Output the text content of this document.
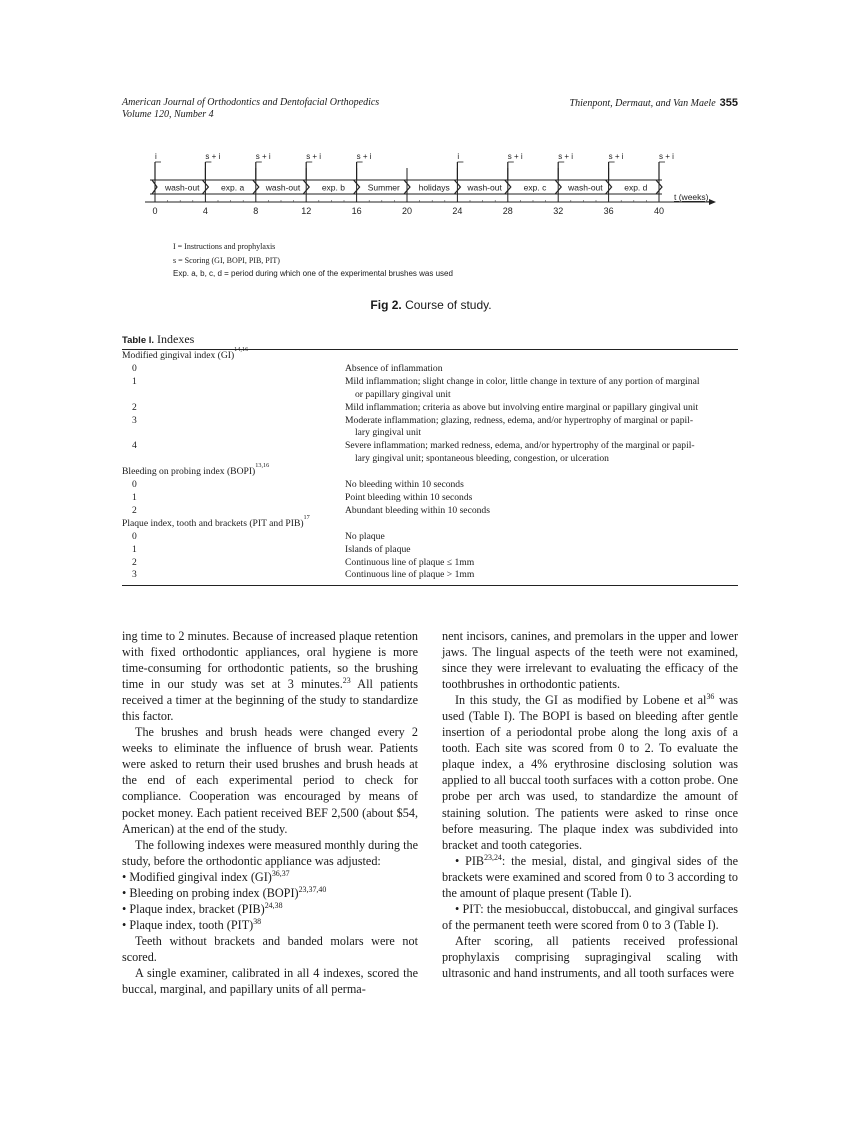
American Journal of Orthodontics and Dentofacial Orthopedics
Volume 120, Number 4
Thienpont, Dermaut, and Van Maele 355
0	4	8	12	16	20	24	28	32	36	40
wash-out	exp. a	wash-out	exp. b	Summer holidays wash-out	exp. c	wash-out	exp. d
i	s + i	s + i	s + i	s + i	i	s + i	s + i	s + i	s + i
t (weeks)
I = Instructions and prophylaxis
s = Scoring (GI, BOPI, PIB, PIT)
Exp. a, b, c, d = period during which one of the experimental brushes was used
Fig 2. Course of study.
Table I. Indexes
Modified gingival index (GI)
14,16
0	Absence of inflammation
1	Mild inflammation; slight change in color, little change in texture of any portion of marginal
or papillary gingival unit
2	Mild inflammation; criteria as above but involving entire marginal or papillary gingival unit
3	Moderate inflammation; glazing, redness, edema, and/or hypertrophy of marginal or papil-
lary gingival unit
4	Severe inflammation; marked redness, edema, and/or hypertrophy of the marginal or papil-
lary gingival unit; spontaneous bleeding, congestion, or ulceration
Bleeding on probing index (BOPI)
13,16
0	No bleeding within 10 seconds
1	Point bleeding within 10 seconds
2	Abundant bleeding within 10 seconds
Plaque index, tooth and brackets (PIT and PIB)
17
0	No plaque
1	Islands of plaque
2	Continuous line of plaque ≤ 1mm
3	Continuous line of plaque > 1mm

ing time to 2 minutes. Because of increased plaque retention with fixed orthodontic appliances, oral hygiene is more time-consuming for orthodontic patients, so the brushing time in our study was set at 3 minutes.$^{23}$ All patients received a timer at the beginning of the study to standardize this factor.

The brushes and brush heads were changed every 2 weeks to eliminate the influence of brush wear. Patients were asked to return their used brushes and brush heads at the end of each experimental period to check for compliance. Cooperation was encouraged by means of pocket money. Each patient received BEF 2,500 (about $54, American) at the end of the study.

The following indexes were measured monthly during the study, before the orthodontic appliance was adjusted:

• Modified gingival index (GI)$^{36,37}$

• Bleeding on probing index (BOPI)$^{23,37,40}$

• Plaque index, bracket (PIB)$^{24,38}$

• Plaque index, tooth (PIT)$^{38}$

Teeth without brackets and banded molars were not scored.

A single examiner, calibrated in all 4 indexes, scored the buccal, marginal, and papillary units of all perma-

nent incisors, canines, and premolars in the upper and lower jaws. The lingual aspects of the teeth were not examined, since they were irrelevant to evaluating the efficacy of the toothbrushes in orthodontic patients.

In this study, the GI as modified by Lobene et $al^{36}$ was used (Table I). The BOPI is based on bleeding after gentle insertion of a periodontal probe along the long axis of a tooth. Each site was scored from 0 to 2. To evaluate the plaque index, a 4% erythrosine disclosing solution was applied to all buccal tooth surfaces with a cotton probe. One probe per arch was used, to standardize the amount of staining solution. The patients were asked to rinse once before measuring. The plaque index was subdivided into bracket and tooth categories.

• PIB$^{23,24}$: the mesial, distal, and gingival sides of the brackets were examined and scored from 0 to 3 according to the amount of plaque present (Table I).

• PIT: the mesiobuccal, distobuccal, and gingival surfaces of the permanent teeth were scored from 0 to 3 (Table I).

After scoring, all patients received professional prophylaxis comprising supragingival scaling with ultrasonic and hand instruments, and all tooth surfaces were
